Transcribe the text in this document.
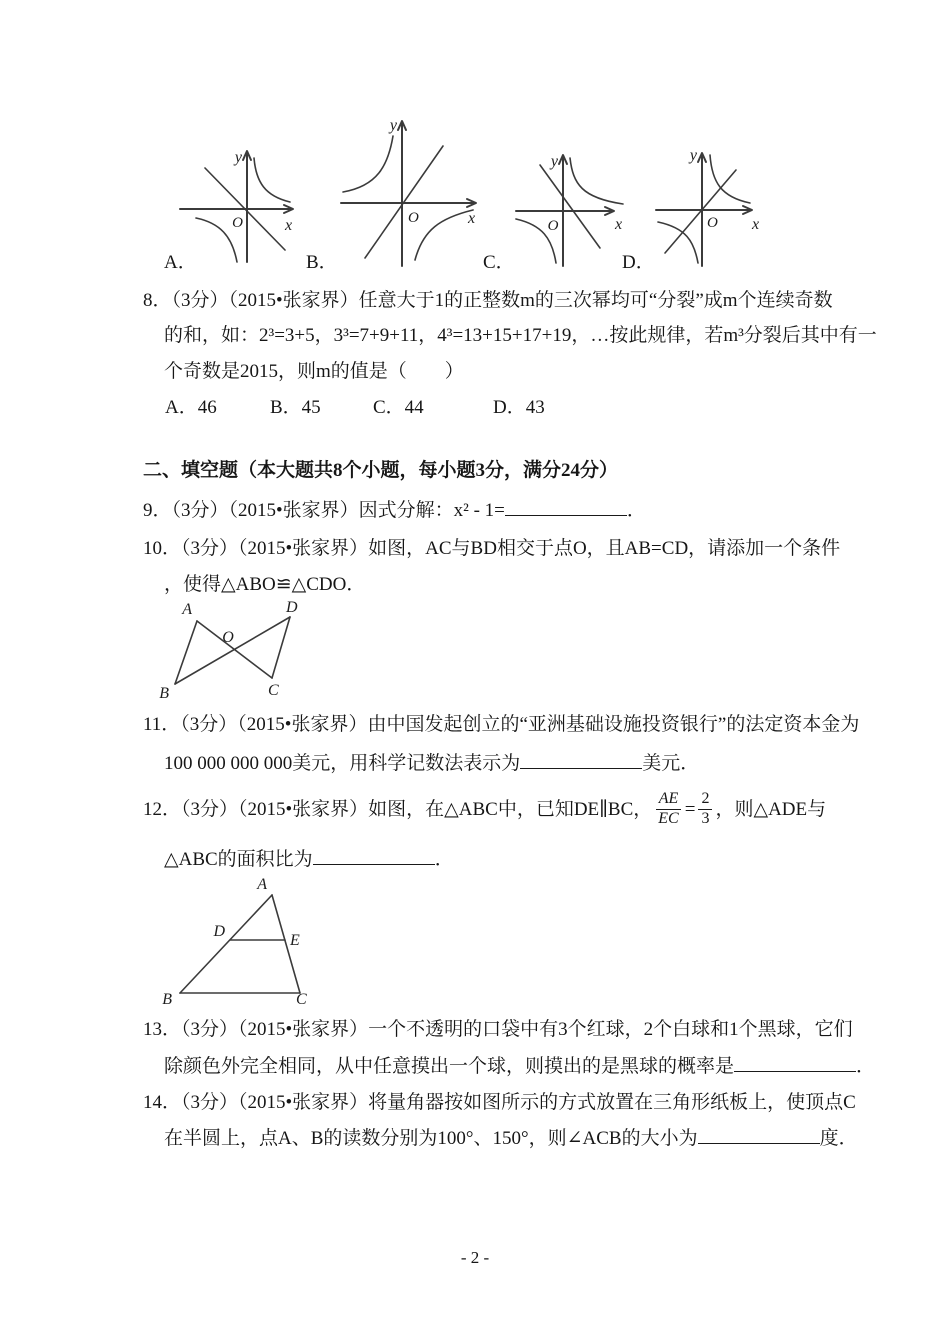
y
x
O
y
x
O
y
x
O
y
x
O
A．	B．	C．	D．
8．（3分）（2015•张家界）任意大于1的正整数m的三次幂均可“分裂”成m个连续奇数
的和，如：2³=3+5，3³=7+9+11，4³=13+15+17+19，…按此规律，若m³分裂后其中有一
个奇数是2015，则m的值是（　　）
A．46	B．45	C．44	D．43
二、填空题（本大题共8个小题，每小题3分，满分24分）
9．（3分）（2015•张家界）因式分解：x² - 1=	．
10．（3分）（2015•张家界）如图，AC与BD相交于点O，且AB=CD，请添加一个条件
，使得△ABO≌△CDO．
A	D
O
B	C
11．（3分）（2015•张家界）由中国发起创立的“亚洲基础设施投资银行”的法定资本金为
100 000 000 000美元，用科学记数法表示为	美元．
12．（3分）（2015•张家界）如图，在△ABC中，已知DE∥BC， $\frac{AE}{EC} = \frac{2}{3}$ ，则△ADE与
△ABC的面积比为	．
A
D
E
B	C
13．（3分）（2015•张家界）一个不透明的口袋中有3个红球，2个白球和1个黑球，它们
除颜色外完全相同，从中任意摸出一个球，则摸出的是黑球的概率是	．
14．（3分）（2015•张家界）将量角器按如图所示的方式放置在三角形纸板上，使顶点C
在半圆上，点A、B的读数分别为100°、150°，则∠ACB的大小为	度．
- 2 -
